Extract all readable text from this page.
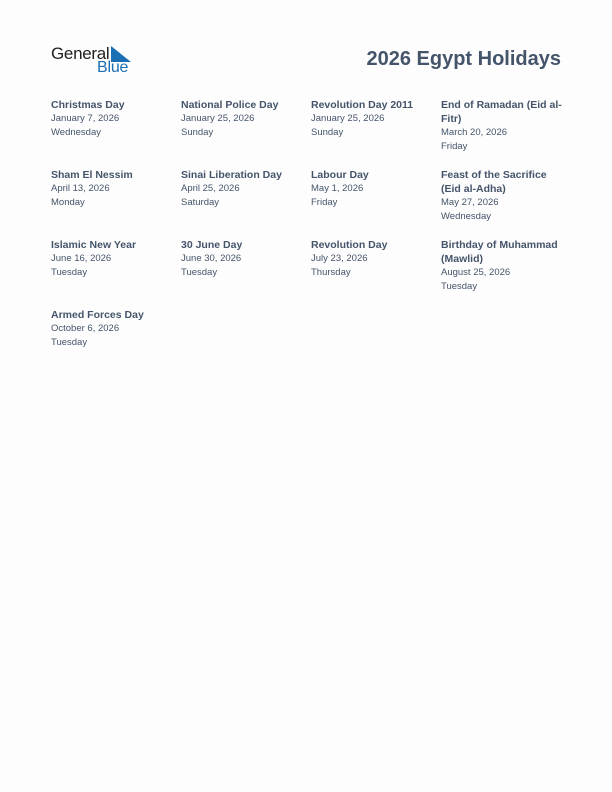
General
Blue	2026 Egypt Holidays
Christmas Day
January 7, 2026
Wednesday
National Police Day
January 25, 2026
Sunday
Revolution Day 2011
January 25, 2026
Sunday
End of Ramadan (Eid al-Fitr)
March 20, 2026
Friday
Sham El Nessim
April 13, 2026
Monday
Sinai Liberation Day
April 25, 2026
Saturday
Labour Day
May 1, 2026
Friday
Feast of the Sacrifice (Eid al-Adha)
May 27, 2026
Wednesday
Islamic New Year
June 16, 2026
Tuesday
30 June Day
June 30, 2026
Tuesday
Revolution Day
July 23, 2026
Thursday
Birthday of Muhammad (Mawlid)
August 25, 2026
Tuesday
Armed Forces Day
October 6, 2026
Tuesday
